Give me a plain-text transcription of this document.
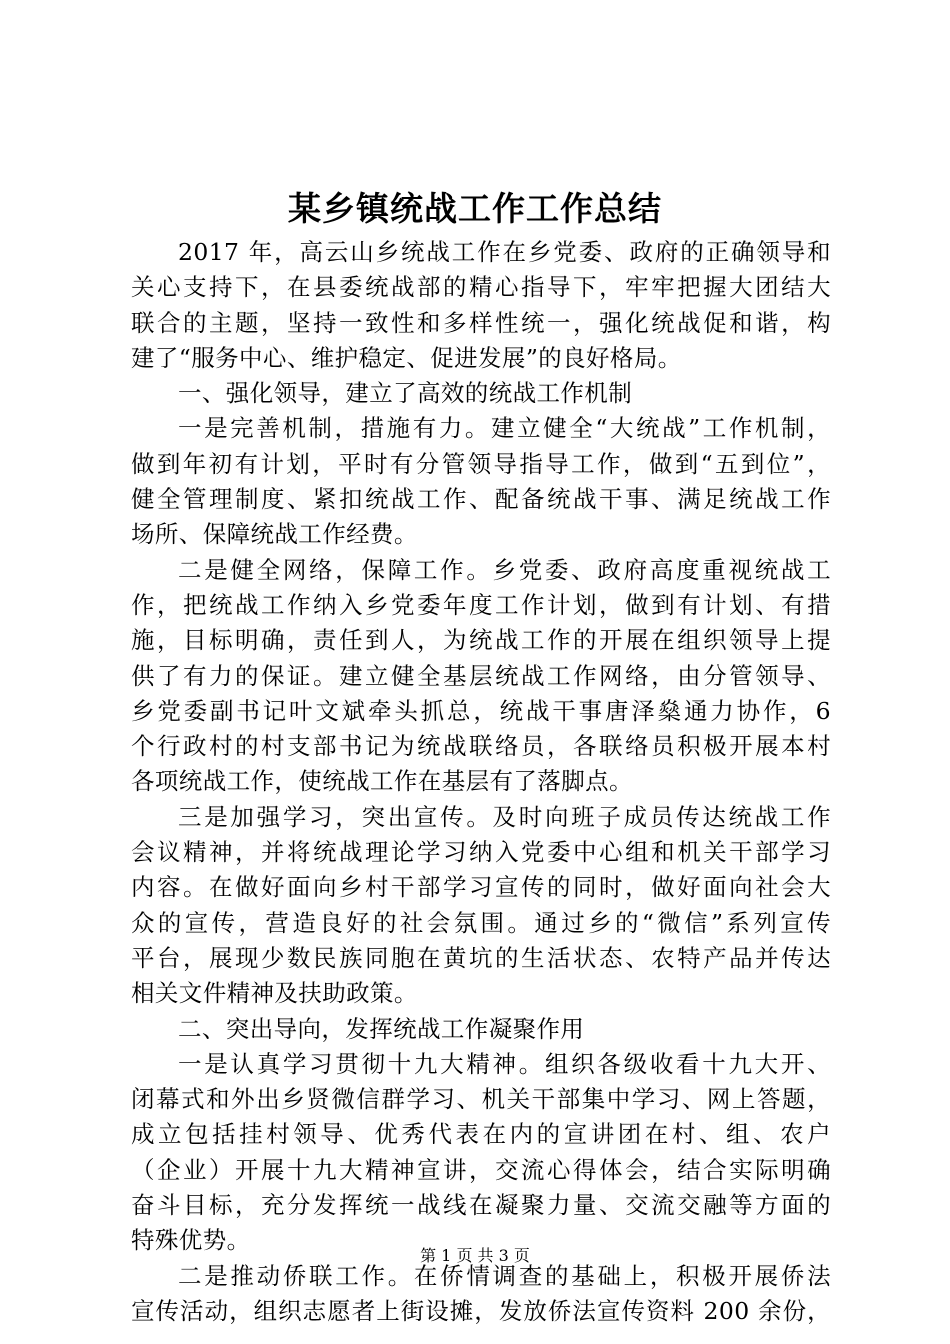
某乡镇统战工作工作总结
2017 年，高云山乡统战工作在乡党委、政府的正确领导和
关心支持下，在县委统战部的精心指导下，牢牢把握大团结大
联合的主题，坚持一致性和多样性统一，强化统战促和谐，构
建了“服务中心、维护稳定、促进发展”的良好格局。
一、强化领导，建立了高效的统战工作机制
一是完善机制，措施有力。建立健全“大统战”工作机制，
做到年初有计划，平时有分管领导指导工作，做到“五到位”，
健全管理制度、紧扣统战工作、配备统战干事、满足统战工作
场所、保障统战工作经费。
二是健全网络，保障工作。乡党委、政府高度重视统战工
作，把统战工作纳入乡党委年度工作计划，做到有计划、有措
施，目标明确，责任到人，为统战工作的开展在组织领导上提
供了有力的保证。建立健全基层统战工作网络，由分管领导、
乡党委副书记叶文斌牵头抓总，统战干事唐泽燊通力协作，6
个行政村的村支部书记为统战联络员，各联络员积极开展本村
各项统战工作，使统战工作在基层有了落脚点。
三是加强学习，突出宣传。及时向班子成员传达统战工作
会议精神，并将统战理论学习纳入党委中心组和机关干部学习
内容。在做好面向乡村干部学习宣传的同时，做好面向社会大
众的宣传，营造良好的社会氛围。通过乡的“微信”系列宣传
平台，展现少数民族同胞在黄坑的生活状态、农特产品并传达
相关文件精神及扶助政策。
二、突出导向，发挥统战工作凝聚作用
一是认真学习贯彻十九大精神。组织各级收看十九大开、
闭幕式和外出乡贤微信群学习、机关干部集中学习、网上答题，
成立包括挂村领导、优秀代表在内的宣讲团在村、组、农户
（企业）开展十九大精神宣讲，交流心得体会，结合实际明确
奋斗目标，充分发挥统一战线在凝聚力量、交流交融等方面的
特殊优势。
二是推动侨联工作。在侨情调查的基础上，积极开展侨法
宣传活动，组织志愿者上街设摊，发放侨法宣传资料 200 余份，
第 1 页 共 3 页
